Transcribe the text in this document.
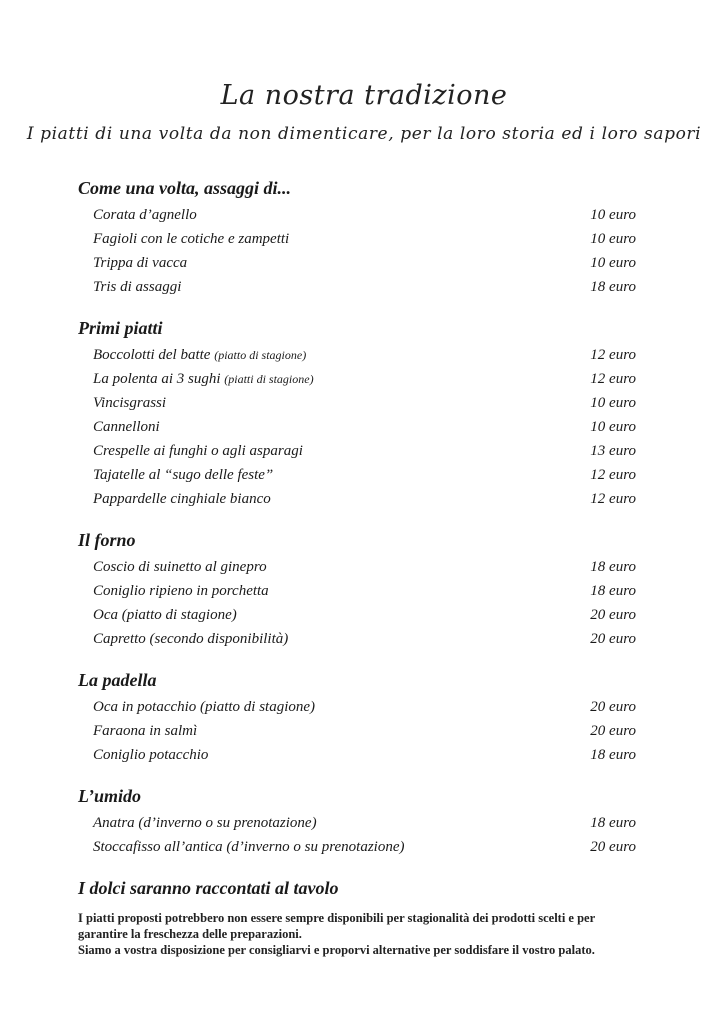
La nostra tradizione
I piatti di una volta da non dimenticare, per la loro storia ed i loro sapori
Come una volta, assaggi di...
Corata d’agnello	10 euro
Fagioli con le cotiche e zampetti	10 euro
Trippa di vacca	10 euro
Tris di assaggi	18 euro
Primi piatti
Boccolotti del batte (piatto di stagione)	12 euro
La polenta ai 3 sughi (piatti di stagione)	12 euro
Vincisgrassi	10 euro
Cannelloni	10 euro
Crespelle ai funghi o agli asparagi	13 euro
Tajatelle al “sugo delle feste”	12 euro
Pappardelle cinghiale bianco	12 euro
Il forno
Coscio di suinetto al ginepro	18 euro
Coniglio ripieno in porchetta	18 euro
Oca (piatto di stagione)	20 euro
Capretto (secondo disponibilità)	20 euro
La padella
Oca in potacchio (piatto di stagione)	20 euro
Faraona in salmì	20 euro
Coniglio potacchio	18 euro
L’umido
Anatra (d’inverno o su prenotazione)	18 euro
Stoccafisso all’antica (d’inverno o su prenotazione)	20 euro
I dolci saranno raccontati al tavolo

I piatti proposti potrebbero non essere sempre disponibili per stagionalità dei prodotti scelti e per garantire la freschezza delle preparazioni.

Siamo a vostra disposizione per consigliarvi e proporvi alternative per soddisfare il vostro palato.
